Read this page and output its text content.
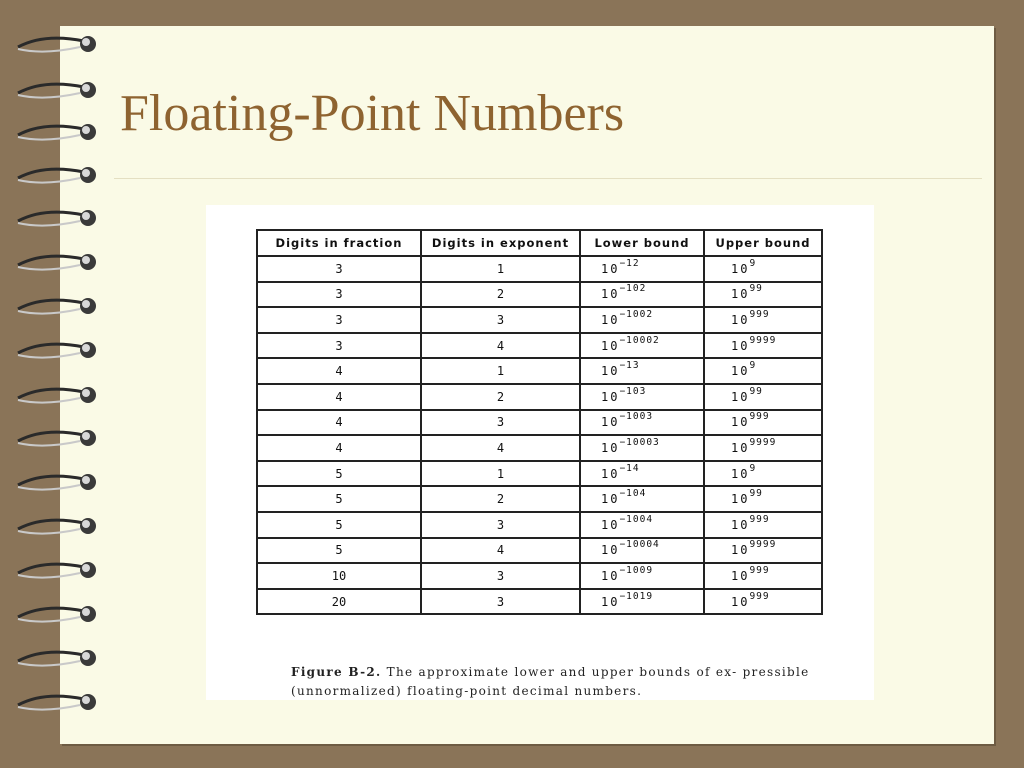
Floating-Point Numbers
Digits in fraction	Digits in exponent	Lower bound	Upper bound
3	1	$10^{-12}$	$10^9$
3	2	$10^{-102}$	$10^{99}$
3	3	$10^{-1002}$	$10^{999}$
3	4	$10^{-10002}$	$10^{9999}$
4	1	$10^{-13}$	$10^9$
4	2	$10^{-103}$	$10^{99}$
4	3	$10^{-1003}$	$10^{999}$
4	4	$10^{-10003}$	$10^{9999}$
5	1	$10^{-14}$	$10^9$
5	2	$10^{-104}$	$10^{99}$
5	3	$10^{-1004}$	$10^{999}$
5	4	$10^{-10004}$	$10^{9999}$
10	3	$10^{-1009}$	$10^{999}$
20	3	$10^{-1019}$	$10^{999}$
Figure B-2. The approximate lower and upper bounds of ex- pressible (unnormalized) floating-point decimal numbers.
